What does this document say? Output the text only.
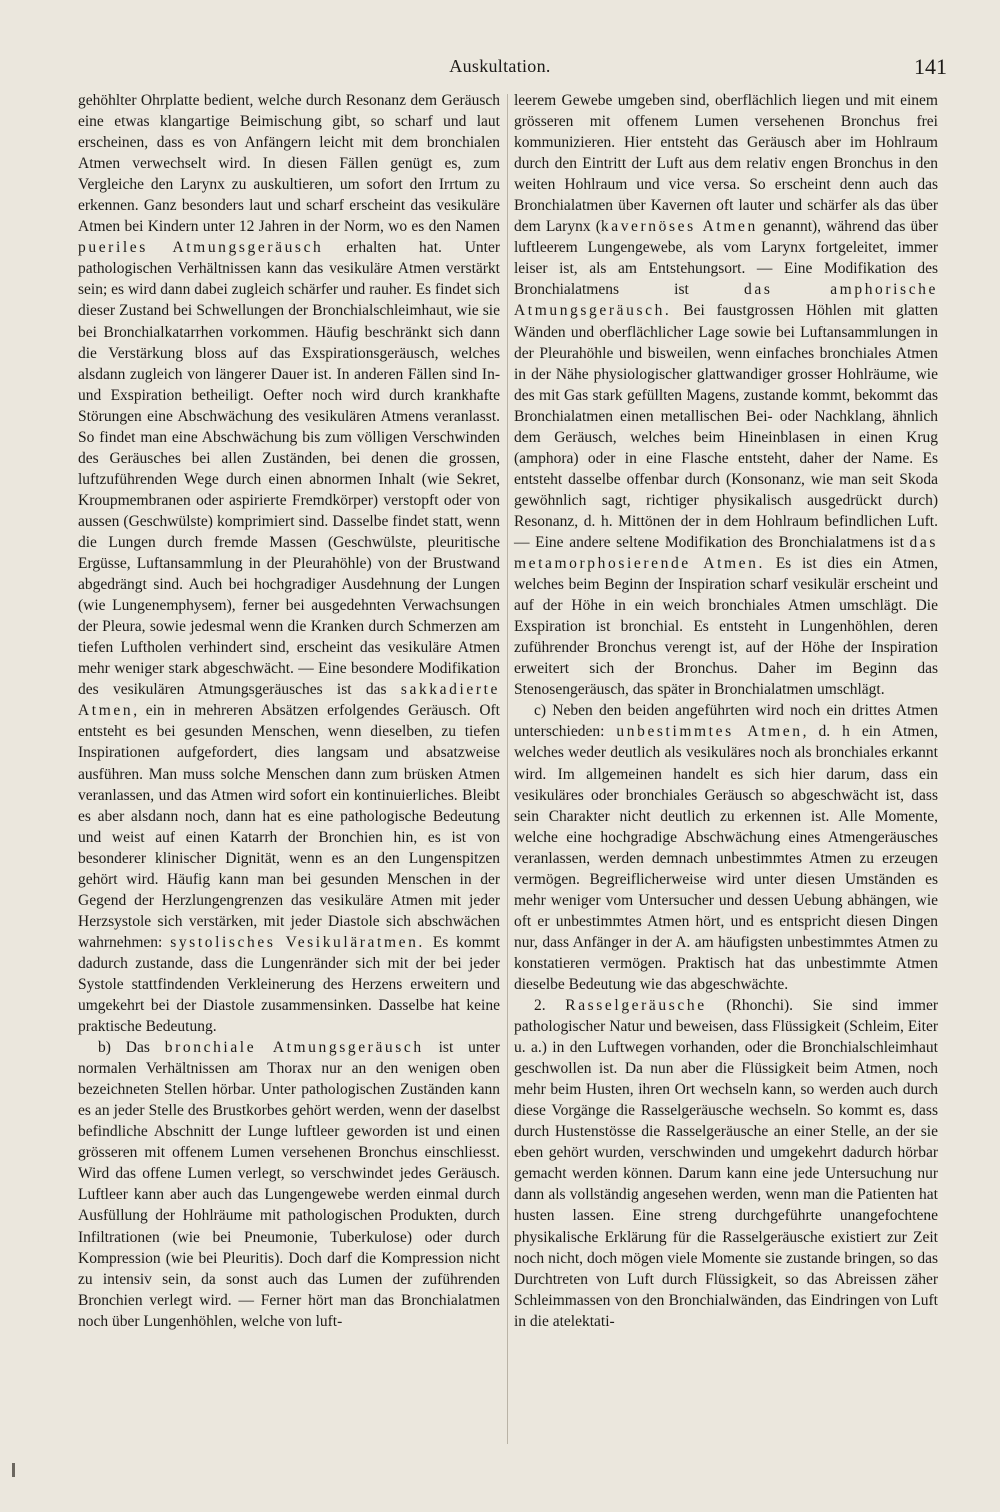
Auskultation.	141

gehöhlter Ohrplatte bedient, welche durch Resonanz dem Geräusch eine etwas klangartige Beimischung gibt, so scharf und laut erscheinen, dass es von Anfängern leicht mit dem bronchialen Atmen verwechselt wird. In diesen Fällen genügt es, zum Vergleiche den Larynx zu auskultieren, um sofort den Irrtum zu erkennen. Ganz besonders laut und scharf erscheint das vesikuläre Atmen bei Kindern unter 12 Jahren in der Norm, wo es den Namen pueriles Atmungsgeräusch erhalten hat. Unter pathologischen Verhältnissen kann das vesikuläre Atmen verstärkt sein; es wird dann dabei zugleich schärfer und rauher. Es findet sich dieser Zustand bei Schwellungen der Bronchialschleimhaut, wie sie bei Bronchialkatarrhen vorkommen. Häufig beschränkt sich dann die Verstärkung bloss auf das Exspirationsgeräusch, welches alsdann zugleich von längerer Dauer ist. In anderen Fällen sind In- und Exspiration betheiligt. Oefter noch wird durch krankhafte Störungen eine Abschwächung des vesikulären Atmens veranlasst. So findet man eine Abschwächung bis zum völligen Verschwinden des Geräusches bei allen Zuständen, bei denen die grossen, luftzuführenden Wege durch einen abnormen Inhalt (wie Sekret, Kroupmembranen oder aspirierte Fremdkörper) verstopft oder von aussen (Geschwülste) komprimiert sind. Dasselbe findet statt, wenn die Lungen durch fremde Massen (Geschwülste, pleuritische Ergüsse, Luftansammlung in der Pleurahöhle) von der Brustwand abgedrängt sind. Auch bei hochgradiger Ausdehnung der Lungen (wie Lungenemphysem), ferner bei ausgedehnten Verwachsungen der Pleura, sowie jedesmal wenn die Kranken durch Schmerzen am tiefen Luftholen verhindert sind, erscheint das vesikuläre Atmen mehr weniger stark abgeschwächt. — Eine besondere Modifikation des vesikulären Atmungsgeräusches ist das sakkadierte Atmen, ein in mehreren Absätzen erfolgendes Geräusch. Oft entsteht es bei gesunden Menschen, wenn dieselben, zu tiefen Inspirationen aufgefordert, dies langsam und absatzweise ausführen. Man muss solche Menschen dann zum brüsken Atmen veranlassen, und das Atmen wird sofort ein kontinuierliches. Bleibt es aber alsdann noch, dann hat es eine pathologische Bedeutung und weist auf einen Katarrh der Bronchien hin, es ist von besonderer klinischer Dignität, wenn es an den Lungenspitzen gehört wird. Häufig kann man bei gesunden Menschen in der Gegend der Herzlungengrenzen das vesikuläre Atmen mit jeder Herzsystole sich verstärken, mit jeder Diastole sich abschwächen wahrnehmen: systolisches Vesikuläratmen. Es kommt dadurch zustande, dass die Lungenränder sich mit der bei jeder Systole stattfindenden Verkleinerung des Herzens erweitern und umgekehrt bei der Diastole zusammensinken. Dasselbe hat keine praktische Bedeutung.

b) Das bronchiale Atmungsgeräusch ist unter normalen Verhältnissen am Thorax nur an den wenigen oben bezeichneten Stellen hörbar. Unter pathologischen Zuständen kann es an jeder Stelle des Brustkorbes gehört werden, wenn der daselbst befindliche Abschnitt der Lunge luftleer geworden ist und einen grösseren mit offenem Lumen versehenen Bronchus einschliesst. Wird das offene Lumen verlegt, so verschwindet jedes Geräusch. Luftleer kann aber auch das Lungengewebe werden einmal durch Ausfüllung der Hohlräume mit pathologischen Produkten, durch Infiltrationen (wie bei Pneumonie, Tuberkulose) oder durch Kompression (wie bei Pleuritis). Doch darf die Kompression nicht zu intensiv sein, da sonst auch das Lumen der zuführenden Bronchien verlegt wird. — Ferner hört man das Bronchialatmen noch über Lungenhöhlen, welche von luft-

leerem Gewebe umgeben sind, oberflächlich liegen und mit einem grösseren mit offenem Lumen versehenen Bronchus frei kommunizieren. Hier entsteht das Geräusch aber im Hohlraum durch den Eintritt der Luft aus dem relativ engen Bronchus in den weiten Hohlraum und vice versa. So erscheint denn auch das Bronchialatmen über Kavernen oft lauter und schärfer als das über dem Larynx (kavernöses Atmen genannt), während das über luftleerem Lungengewebe, als vom Larynx fortgeleitet, immer leiser ist, als am Entstehungsort. — Eine Modifikation des Bronchialatmens ist	das amphorische Atmungsgeräusch. Bei faustgrossen Höhlen mit glatten Wänden und oberflächlicher Lage sowie bei Luftansammlungen in der Pleurahöhle und bisweilen, wenn einfaches bronchiales Atmen in der Nähe physiologischer glattwandiger grosser Hohlräume, wie des mit Gas stark gefüllten Magens, zustande kommt, bekommt das Bronchialatmen einen metallischen Bei- oder Nachklang, ähnlich dem Geräusch, welches beim Hineinblasen in einen Krug (amphora) oder in eine Flasche entsteht, daher der Name. Es entsteht dasselbe offenbar durch (Konsonanz, wie man seit Skoda gewöhnlich sagt, richtiger physikalisch ausgedrückt durch) Resonanz, d. h. Mittönen der in dem Hohlraum befindlichen Luft. — Eine andere seltene Modifikation des Bronchialatmens ist das metamorphosierende Atmen. Es ist dies ein Atmen, welches beim Beginn der Inspiration scharf vesikulär erscheint und auf der Höhe in ein weich bronchiales Atmen umschlägt. Die Exspiration ist bronchial. Es entsteht in Lungenhöhlen, deren zuführender Bronchus verengt ist, auf der Höhe der Inspiration erweitert sich der Bronchus. Daher im Beginn das Stenosengeräusch, das später in Bronchialatmen umschlägt.

c) Neben den beiden angeführten wird noch ein drittes Atmen unterschieden: unbestimmtes Atmen, d. h ein Atmen, welches weder deutlich als vesikuläres noch als bronchiales erkannt wird. Im allgemeinen handelt es sich hier darum, dass ein vesikuläres oder bronchiales Geräusch so abgeschwächt ist, dass sein Charakter nicht deutlich zu erkennen ist. Alle Momente, welche eine hochgradige Abschwächung eines Atmengeräusches veranlassen, werden demnach unbestimmtes Atmen zu erzeugen vermögen. Begreiflicherweise wird unter diesen Umständen es mehr weniger vom Untersucher und dessen Uebung abhängen, wie oft er unbestimmtes Atmen hört, und es entspricht diesen Dingen nur, dass Anfänger in der A. am häufigsten unbestimmtes Atmen zu konstatieren vermögen. Praktisch hat das unbestimmte Atmen dieselbe Bedeutung wie das abgeschwächte.

2. Rasselgeräusche (Rhonchi). Sie sind immer pathologischer Natur und beweisen, dass Flüssigkeit (Schleim, Eiter u. a.) in den Luftwegen vorhanden, oder die Bronchialschleimhaut geschwollen ist. Da nun aber die Flüssigkeit beim Atmen, noch mehr beim Husten, ihren Ort wechseln kann, so werden auch durch diese Vorgänge die Rasselgeräusche wechseln. So kommt es, dass durch Hustenstösse die Rasselgeräusche an einer Stelle, an der sie eben gehört wurden, verschwinden und umgekehrt dadurch hörbar gemacht werden können. Darum kann eine jede Untersuchung nur dann als vollständig angesehen werden, wenn man die Patienten hat husten lassen. Eine streng durchgeführte unangefochtene physikalische Erklärung für die Rasselgeräusche existiert zur Zeit noch nicht, doch mögen viele Momente sie zustande bringen, so das Durchtreten von Luft durch Flüssigkeit, so das Abreissen zäher Schleimmassen von den Bronchialwänden, das Eindringen von Luft in die atelektati-
